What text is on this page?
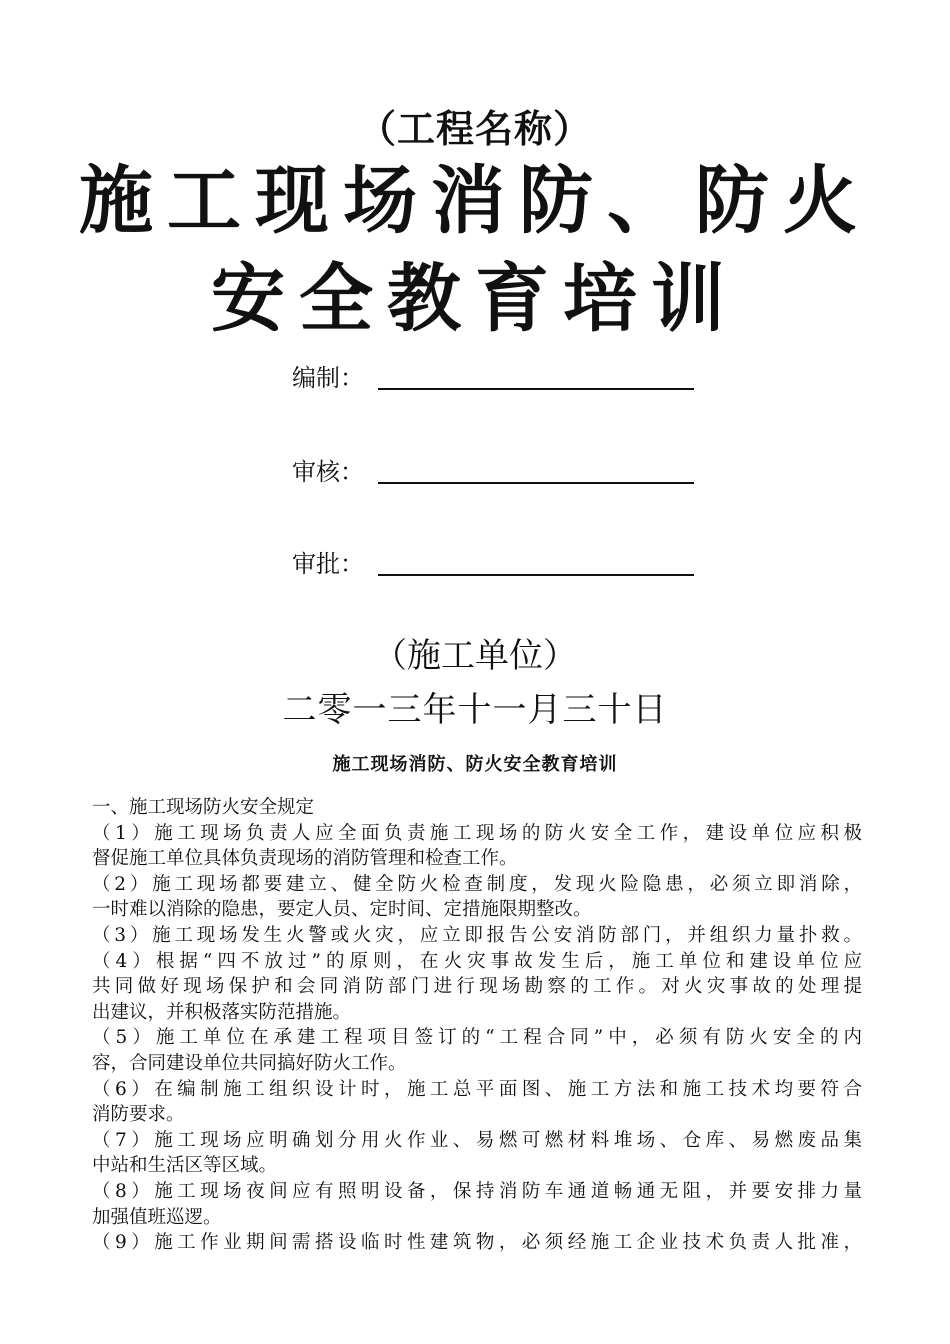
（工程名称）
施工现场消防、防火
安全教育培训
编制：
审核：
审批：
（施工单位）
二零一三年十一月三十日
施工现场消防、防火安全教育培训
一、施工现场防火安全规定
（1）施工现场负责人应全面负责施工现场的防火安全工作，建设单位应积极
督促施工单位具体负责现场的消防管理和检查工作。
（2）施工现场都要建立、健全防火检查制度，发现火险隐患，必须立即消除，
一时难以消除的隐患，要定人员、定时间、定措施限期整改。
（3）施工现场发生火警或火灾，应立即报告公安消防部门，并组织力量扑救。
（4）根据“四不放过”的原则，在火灾事故发生后，施工单位和建设单位应
共同做好现场保护和会同消防部门进行现场勘察的工作。对火灾事故的处理提
出建议，并积极落实防范措施。
（5）施工单位在承建工程项目签订的“工程合同”中，必须有防火安全的内
容，合同建设单位共同搞好防火工作。
（6）在编制施工组织设计时，施工总平面图、施工方法和施工技术均要符合
消防要求。
（7）施工现场应明确划分用火作业、易燃可燃材料堆场、仓库、易燃废品集
中站和生活区等区域。
（8）施工现场夜间应有照明设备，保持消防车通道畅通无阻，并要安排力量
加强值班巡逻。
（9）施工作业期间需搭设临时性建筑物，必须经施工企业技术负责人批准，
